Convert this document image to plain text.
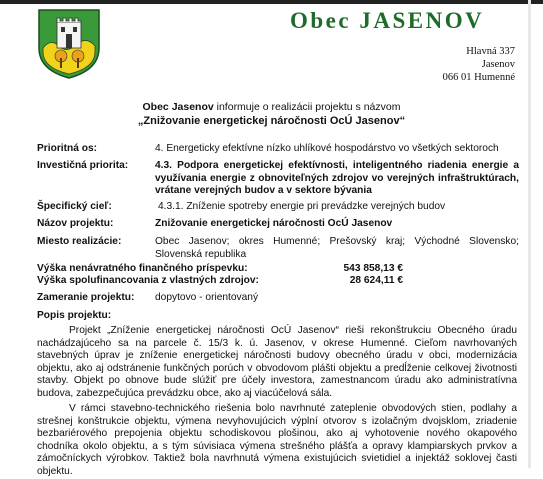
Obec JASENOV
Hlavná 337
Jasenov
066 01 Humenné
Obec Jasenov informuje o realizácii projektu s názvom
„Znižovanie energetickej náročnosti OcÚ Jasenov“
Prioritná os:	4. Energeticky efektívne nízko uhlíkové hospodárstvo vo všetkých sektoroch
Investičná priorita:	4.3. Podpora energetickej efektívnosti, inteligentného riadenia energie a využívania energie z obnoviteľných zdrojov vo verejných infraštruktúrach, vrátane verejných budov a v sektore bývania
Špecifický cieľ:	4.3.1. Zníženie spotreby energie pri prevádzke verejných budov
Názov projektu:	Znižovanie energetickej náročnosti OcÚ Jasenov
Miesto realizácie:	Obec Jasenov; okres Humenné; Prešovský kraj; Východné Slovensko; Slovenská republika
Výška nenávratného finančného príspevku:	543 858,13 €
Výška spolufinancovania z vlastných zdrojov:	28 624,11 €
Zameranie projektu: dopytovo - orientovaný
Popis projektu:
Projekt „Zníženie energetickej náročnosti OcÚ Jasenov“ rieši rekonštrukciu Obecného úradu nachádzajúceho sa na parcele č. 15/3 k. ú. Jasenov, v okrese Humenné. Cieľom navrhovaných stavebných úprav je zníženie energetickej náročnosti budovy obecného úradu v obci, modernizácia objektu, ako aj odstránenie funkčných porúch v obvodovom plášti objektu a predĺženie celkovej životnosti stavby. Objekt po obnove bude slúžiť pre účely investora, zamestnancom úradu ako administratívna budova, zabezpečujúca prevádzku obce, ako aj viacúčelová sála.
V rámci stavebno-technického riešenia bolo navrhnuté zateplenie obvodových stien, podlahy a strešnej konštrukcie objektu, výmena nevyhovujúcich výplní otvorov s izolačným dvojsklom, zriadenie bezbariérového prepojenia objektu schodiskovou plošinou, ako aj vyhotovenie nového okapového chodníka okolo objektu, a s tým súvisiaca výmena strešného plášťa a opravy klampiarskych prvkov a zámočníckych výrobkov. Taktiež bola navrhnutá výmena existujúcich svietidiel a injektáž soklovej časti objektu.
